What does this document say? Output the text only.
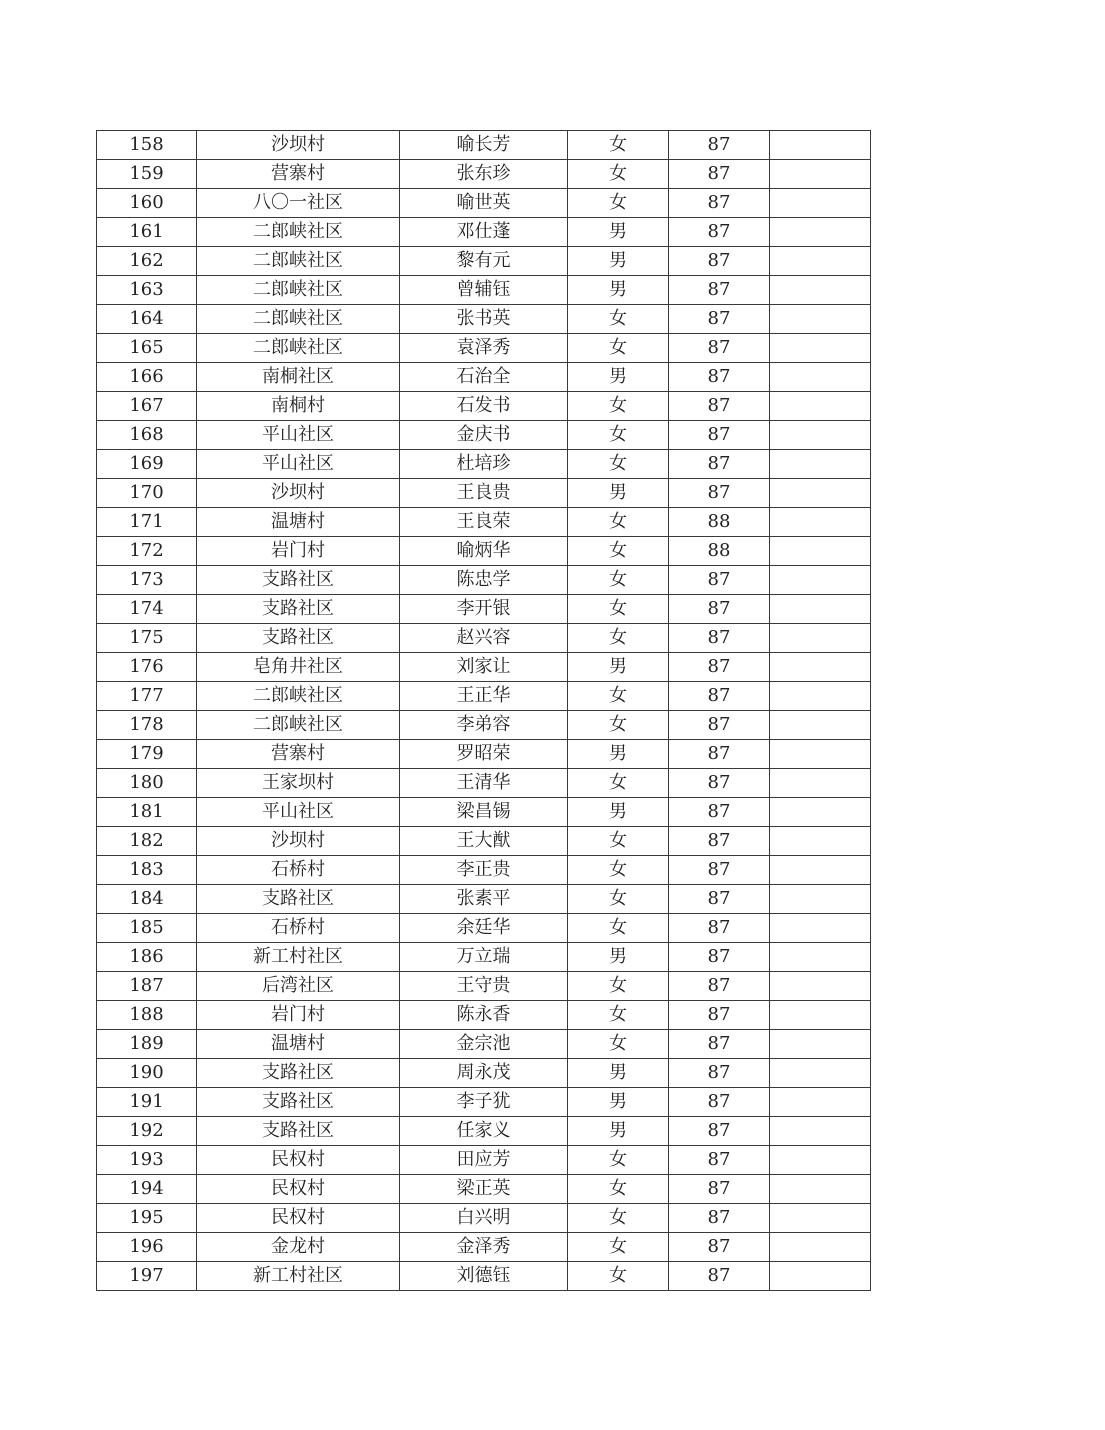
158	沙坝村	喻长芳	女	87	
159	营寨村	张东珍	女	87	
160	八〇一社区	喻世英	女	87	
161	二郎峡社区	邓仕蓬	男	87	
162	二郎峡社区	黎有元	男	87	
163	二郎峡社区	曾辅钰	男	87	
164	二郎峡社区	张书英	女	87	
165	二郎峡社区	袁泽秀	女	87	
166	南桐社区	石治全	男	87	
167	南桐村	石发书	女	87	
168	平山社区	金庆书	女	87	
169	平山社区	杜培珍	女	87	
170	沙坝村	王良贵	男	87	
171	温塘村	王良荣	女	88	
172	岩门村	喻炳华	女	88	
173	支路社区	陈忠学	女	87	
174	支路社区	李开银	女	87	
175	支路社区	赵兴容	女	87	
176	皂角井社区	刘家让	男	87	
177	二郎峡社区	王正华	女	87	
178	二郎峡社区	李弟容	女	87	
179	营寨村	罗昭荣	男	87	
180	王家坝村	王清华	女	87	
181	平山社区	梁昌锡	男	87	
182	沙坝村	王大猷	女	87	
183	石桥村	李正贵	女	87	
184	支路社区	张素平	女	87	
185	石桥村	余廷华	女	87	
186	新工村社区	万立瑞	男	87	
187	后湾社区	王守贵	女	87	
188	岩门村	陈永香	女	87	
189	温塘村	金宗池	女	87	
190	支路社区	周永茂	男	87	
191	支路社区	李子犹	男	87	
192	支路社区	任家义	男	87	
193	民权村	田应芳	女	87	
194	民权村	梁正英	女	87	
195	民权村	白兴明	女	87	
196	金龙村	金泽秀	女	87	
197	新工村社区	刘德钰	女	87	
